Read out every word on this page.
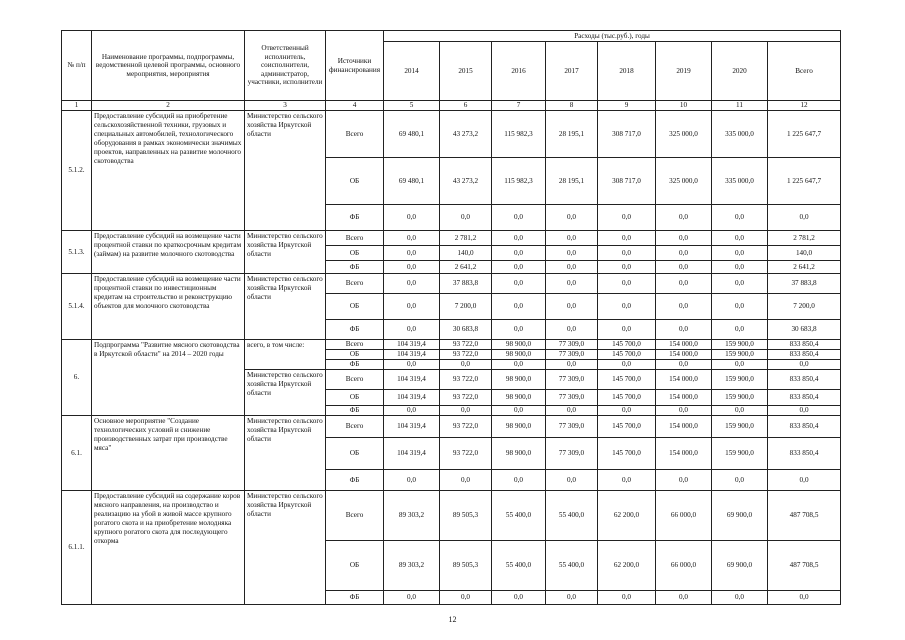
№ п/п	Наименование программы, подпрограммы, ведомственной целевой программы, основного мероприятия, мероприятия	Ответственный исполнитель, соисполнители, администратор, участники, исполнители	Источники финансирования	Расходы (тыс.руб.), годы							
				2014	2015	2016	2017	2018	2019	2020	Всего
1	2	3	4	5	6	7	8	9	10	11	12
5.1.2.	Предоставление субсидий на приобретение сельскохозяйственной техники, грузовых и специальных автомобилей, технологического оборудования в рамках экономически значимых проектов, направленных на развитие молочного скотоводства	Министерство сельского хозяйства Иркутской области	Всего	69 480,1	43 273,2	115 982,3	28 195,1	308 717,0	325 000,0	335 000,0	1 225 647,7
			ОБ	69 480,1	43 273,2	115 982,3	28 195,1	308 717,0	325 000,0	335 000,0	1 225 647,7
			ФБ	0,0	0,0	0,0	0,0	0,0	0,0	0,0	0,0
5.1.3.	Предоставление субсидий на возмещение части процентной ставки по краткосрочным кредитам (займам) на развитие молочного скотоводства	Министерство сельского хозяйства Иркутской области	Всего	0,0	2 781,2	0,0	0,0	0,0	0,0	0,0	2 781,2
			ОБ	0,0	140,0	0,0	0,0	0,0	0,0	0,0	140,0
			ФБ	0,0	2 641,2	0,0	0,0	0,0	0,0	0,0	2 641,2
5.1.4.	Предоставление субсидий на возмещение части процентной ставки по инвестиционным кредитам на строительство и реконструкцию объектов для молочного скотоводства	Министерство сельского хозяйства Иркутской области	Всего	0,0	37 883,8	0,0	0,0	0,0	0,0	0,0	37 883,8
			ОБ	0,0	7 200,0	0,0	0,0	0,0	0,0	0,0	7 200,0
			ФБ	0,0	30 683,8	0,0	0,0	0,0	0,0	0,0	30 683,8
6.	Подпрограмма "Развитие мясного скотоводства в Иркутской области" на 2014 – 2020 годы	всего, в том числе:	Всего	104 319,4	93 722,0	98 900,0	77 309,0	145 700,0	154 000,0	159 900,0	833 850,4
			ОБ	104 319,4	93 722,0	98 900,0	77 309,0	145 700,0	154 000,0	159 900,0	833 850,4
			ФБ	0,0	0,0	0,0	0,0	0,0	0,0	0,0	0,0
		Министерство сельского хозяйства Иркутской области	Всего	104 319,4	93 722,0	98 900,0	77 309,0	145 700,0	154 000,0	159 900,0	833 850,4
			ОБ	104 319,4	93 722,0	98 900,0	77 309,0	145 700,0	154 000,0	159 900,0	833 850,4
			ФБ	0,0	0,0	0,0	0,0	0,0	0,0	0,0	0,0
6.1.	Основное мероприятие "Создание технологических условий и снижение производственных затрат при производстве мяса"	Министерство сельского хозяйства Иркутской области	Всего	104 319,4	93 722,0	98 900,0	77 309,0	145 700,0	154 000,0	159 900,0	833 850,4
			ОБ	104 319,4	93 722,0	98 900,0	77 309,0	145 700,0	154 000,0	159 900,0	833 850,4
			ФБ	0,0	0,0	0,0	0,0	0,0	0,0	0,0	0,0
6.1.1.	Предоставление субсидий на содержание коров мясного направления, на производство и реализацию на убой в живой массе крупного рогатого скота и на приобретение молодняка крупного рогатого скота для последующего откорма	Министерство сельского хозяйства Иркутской области	Всего	89 303,2	89 505,3	55 400,0	55 400,0	62 200,0	66 000,0	69 900,0	487 708,5
			ОБ	89 303,2	89 505,3	55 400,0	55 400,0	62 200,0	66 000,0	69 900,0	487 708,5
			ФБ	0,0	0,0	0,0	0,0	0,0	0,0	0,0	0,0
12
